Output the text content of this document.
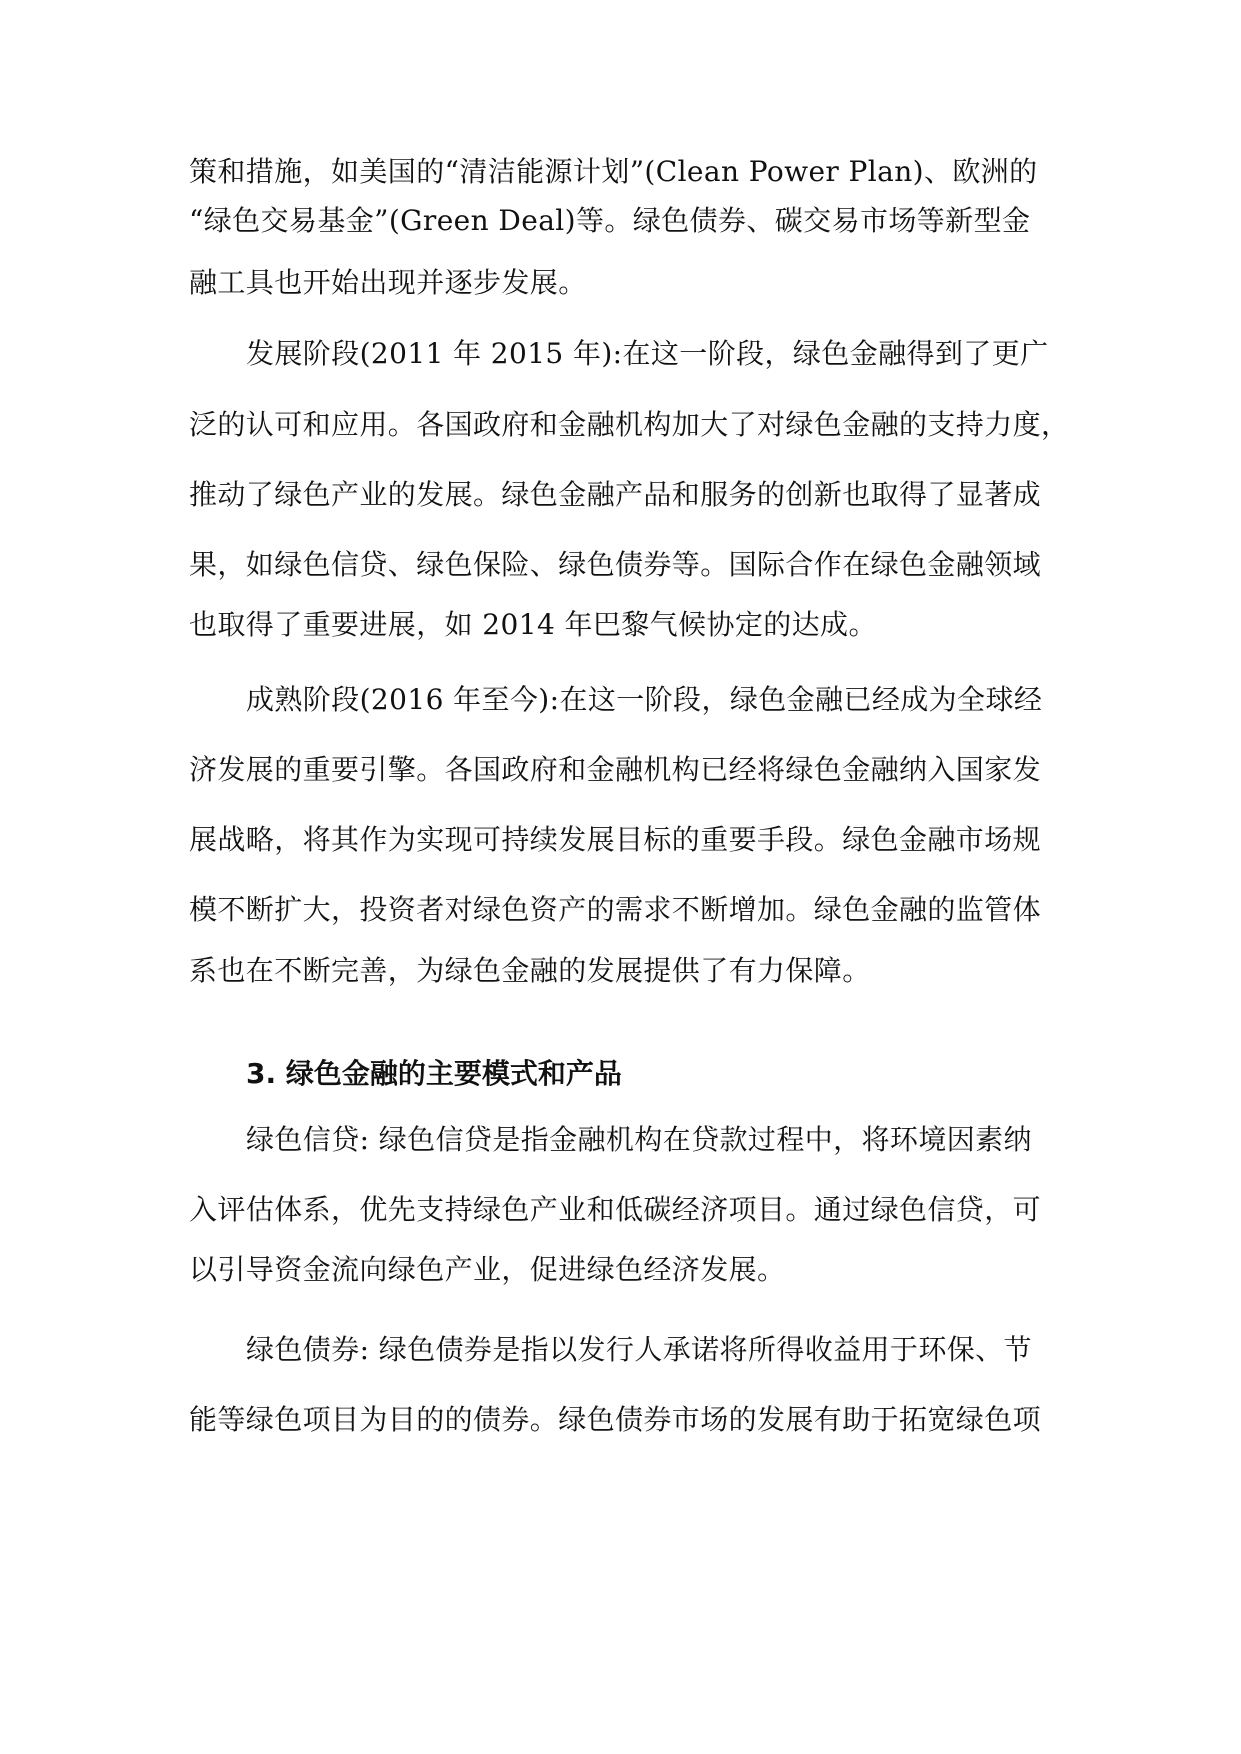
策和措施，如美国的“清洁能源计划”(Clean Power Plan)、欧洲的
“绿色交易基金”(Green Deal)等。绿色债券、碳交易市场等新型金
融工具也开始出现并逐步发展。
发展阶段(2011 年 2015 年):在这一阶段，绿色金融得到了更广
泛的认可和应用。各国政府和金融机构加大了对绿色金融的支持力度，
推动了绿色产业的发展。绿色金融产品和服务的创新也取得了显著成
果，如绿色信贷、绿色保险、绿色债券等。国际合作在绿色金融领域
也取得了重要进展，如 2014 年巴黎气候协定的达成。
成熟阶段(2016 年至今):在这一阶段，绿色金融已经成为全球经
济发展的重要引擎。各国政府和金融机构已经将绿色金融纳入国家发
展战略，将其作为实现可持续发展目标的重要手段。绿色金融市场规
模不断扩大，投资者对绿色资产的需求不断增加。绿色金融的监管体
系也在不断完善，为绿色金融的发展提供了有力保障。
3. 绿色金融的主要模式和产品
绿色信贷: 绿色信贷是指金融机构在贷款过程中，将环境因素纳
入评估体系，优先支持绿色产业和低碳经济项目。通过绿色信贷，可
以引导资金流向绿色产业，促进绿色经济发展。
绿色债券: 绿色债券是指以发行人承诺将所得收益用于环保、节
能等绿色项目为目的的债券。绿色债券市场的发展有助于拓宽绿色项
